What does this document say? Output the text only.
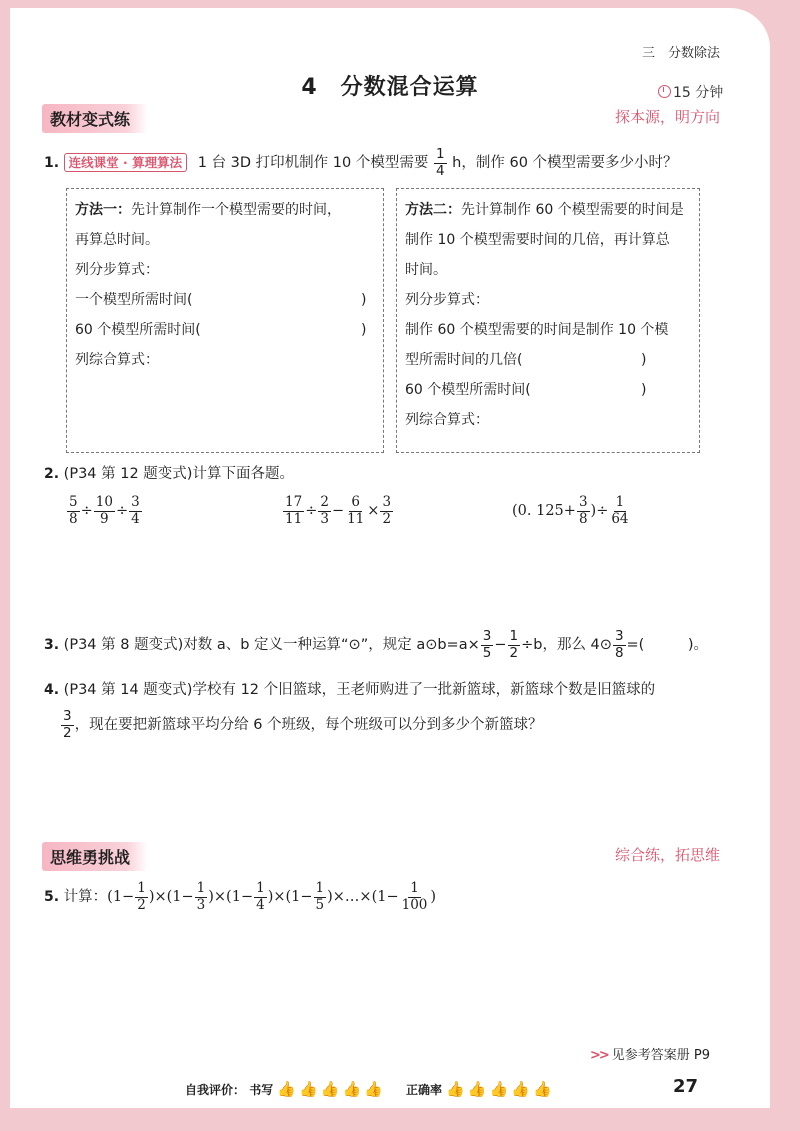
三　分数除法
4　分数混合运算	15 分钟
教材变式练	探本源，明方向
1. 连线课堂 · 算理算法 1 台 3D 打印机制作 10 个模型需要 $\frac{1}{4}$ h，制作 60 个模型需要多少小时？
方法一：先计算制作一个模型需要的时间，
再算总时间。
列分步算式：
一个模型所需时间(	)
60 个模型所需时间(	)
列综合算式：
方法二：先计算制作 60 个模型需要的时间是
制作 10 个模型需要时间的几倍，再计算总
时间。
列分步算式：
制作 60 个模型需要的时间是制作 10 个模
型所需时间的几倍(	)
60 个模型所需时间(	)
列综合算式：
2. (P34 第 12 题变式)计算下面各题。
$\frac{5}{8} \div \frac{10}{9} \div \frac{3}{4}$	$\frac{17}{11} \div \frac{2}{3} - \frac{6}{11} \times \frac{3}{2}$	(0. $125+ \frac{3}{8}$ )÷ $\frac{1}{64}$
3. (P34 第 8 题变式)对数 a、b 定义一种运算“⊙”，规定 a⊙b=a× $\frac{3}{5} - \frac{1}{2} \div b$，那么 4⊙ $\frac{3}{8}$ =(　　　)。
4. (P34 第 14 题变式)学校有 12 个旧篮球，王老师购进了一批新篮球，新篮球个数是旧篮球的
$\frac{3}{2}$ ，现在要把新篮球平均分给 6 个班级，每个班级可以分到多少个新篮球？
思维勇挑战	综合练，拓思维
5. 计算：$(1- \frac{1}{2} )\times(1- \frac{1}{3} )\times(1- \frac{1}{4} )\times(1- \frac{1}{5}$ )×…×(1− $\frac{1}{100}$ )
>> 见参考答案册 P9
自我评价： 书写 👍 👍 👍 👍 👍 正确率 👍 👍 👍 👍 👍	27
